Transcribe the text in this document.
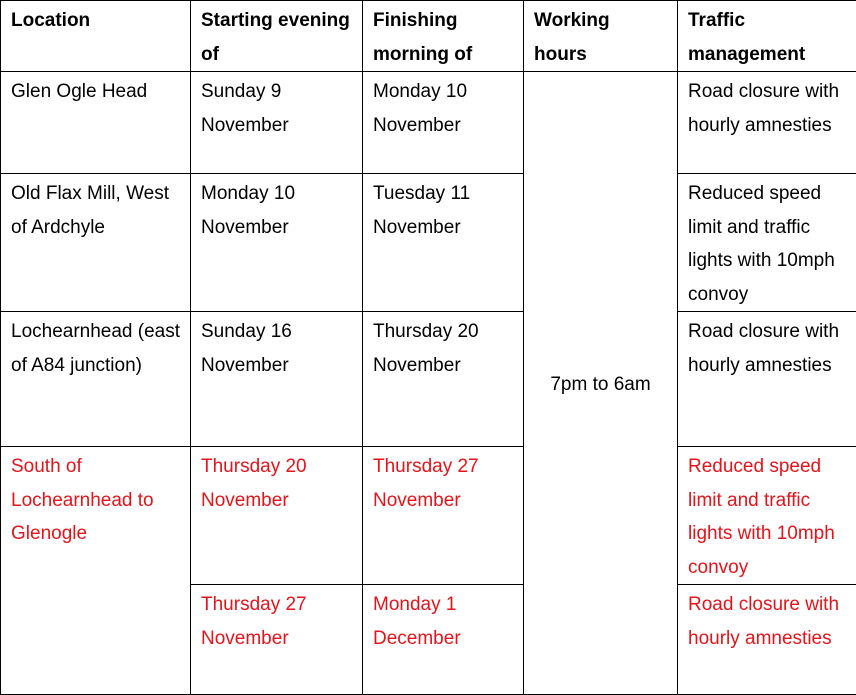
Location	Starting evening of	Finishing morning of	Working hours	Traffic management
Glen Ogle Head	Sunday 9 November	Monday 10 November	7pm to 6am	Road closure with hourly amnesties
Old Flax Mill, West of Ardchyle	Monday 10 November	Tuesday 11 November		Reduced speed limit and traffic lights with 10mph convoy
Lochearnhead (east of A84 junction)	Sunday 16 November	Thursday 20 November		Road closure with hourly amnesties
South of Lochearnhead to Glenogle	Thursday 20 November	Thursday 27 November		Reduced speed limit and traffic lights with 10mph convoy
	Thursday 27 November	Monday 1 December		Road closure with hourly amnesties
